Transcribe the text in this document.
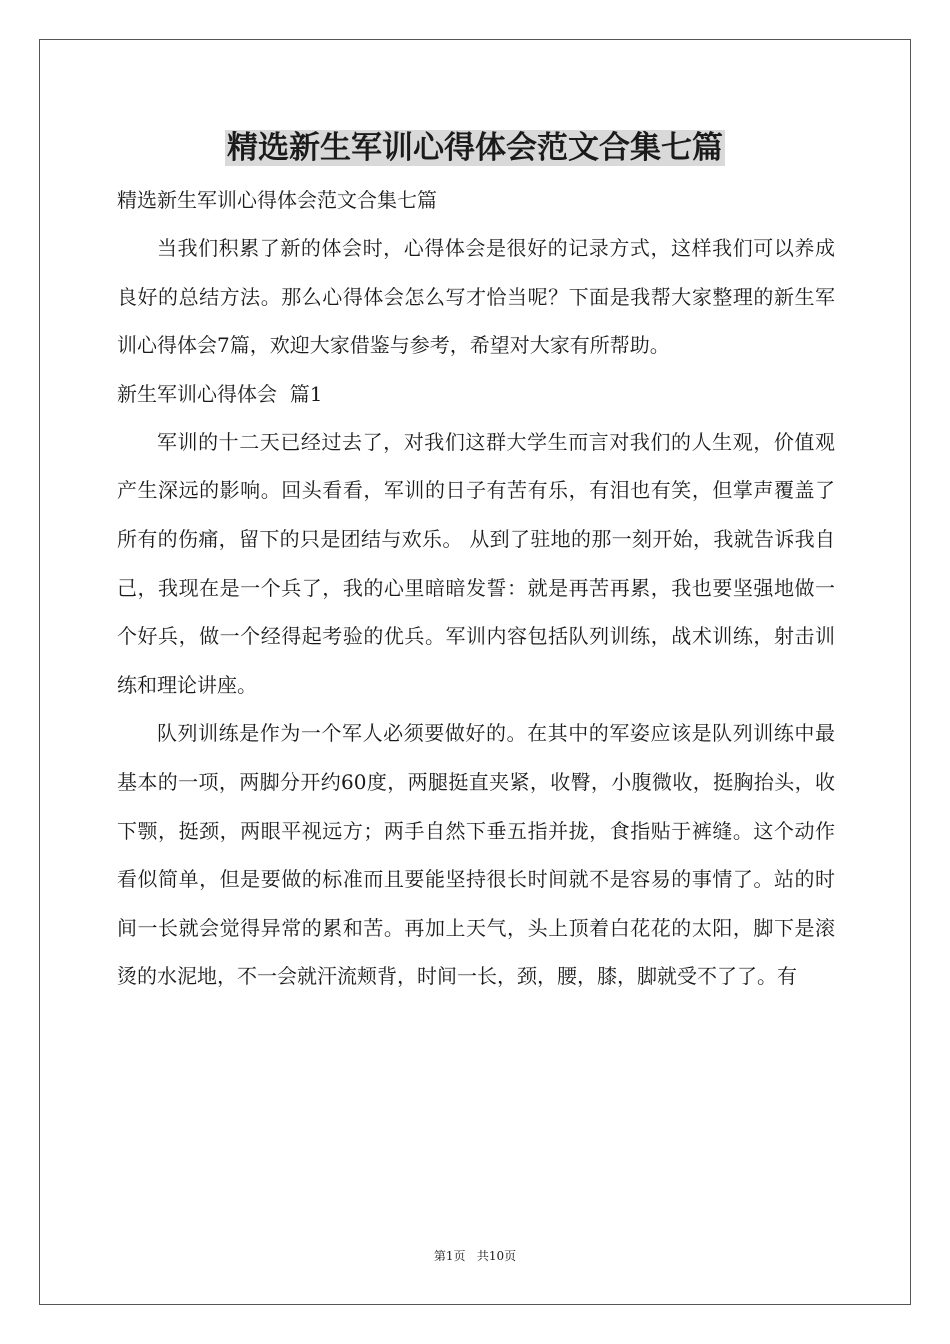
精选新生军训心得体会范文合集七篇

精选新生军训心得体会范文合集七篇

当我们积累了新的体会时，心得体会是很好的记录方式，这样我们可以养成良好的总结方法。那么心得体会怎么写才恰当呢？下面是我帮大家整理的新生军训心得体会7篇，欢迎大家借鉴与参考，希望对大家有所帮助。

新生军训心得体会  篇1

军训的十二天已经过去了，对我们这群大学生而言对我们的人生观，价值观产生深远的影响。回头看看，军训的日子有苦有乐，有泪也有笑，但掌声覆盖了所有的伤痛，留下的只是团结与欢乐。 从到了驻地的那一刻开始，我就告诉我自己，我现在是一个兵了，我的心里暗暗发誓：就是再苦再累，我也要坚强地做一个好兵，做一个经得起考验的优兵。军训内容包括队列训练，战术训练，射击训练和理论讲座。

队列训练是作为一个军人必须要做好的。在其中的军姿应该是队列训练中最基本的一项，两脚分开约60度，两腿挺直夹紧，收臀，小腹微收，挺胸抬头，收下颚，挺颈，两眼平视远方；两手自然下垂五指并拢，食指贴于裤缝。这个动作看似简单，但是要做的标准而且要能坚持很长时间就不是容易的事情了。站的时间一长就会觉得异常的累和苦。再加上天气，头上顶着白花花的太阳，脚下是滚烫的水泥地，不一会就汗流颊背，时间一长，颈，腰，膝，脚就受不了了。有

第1页   共10页
